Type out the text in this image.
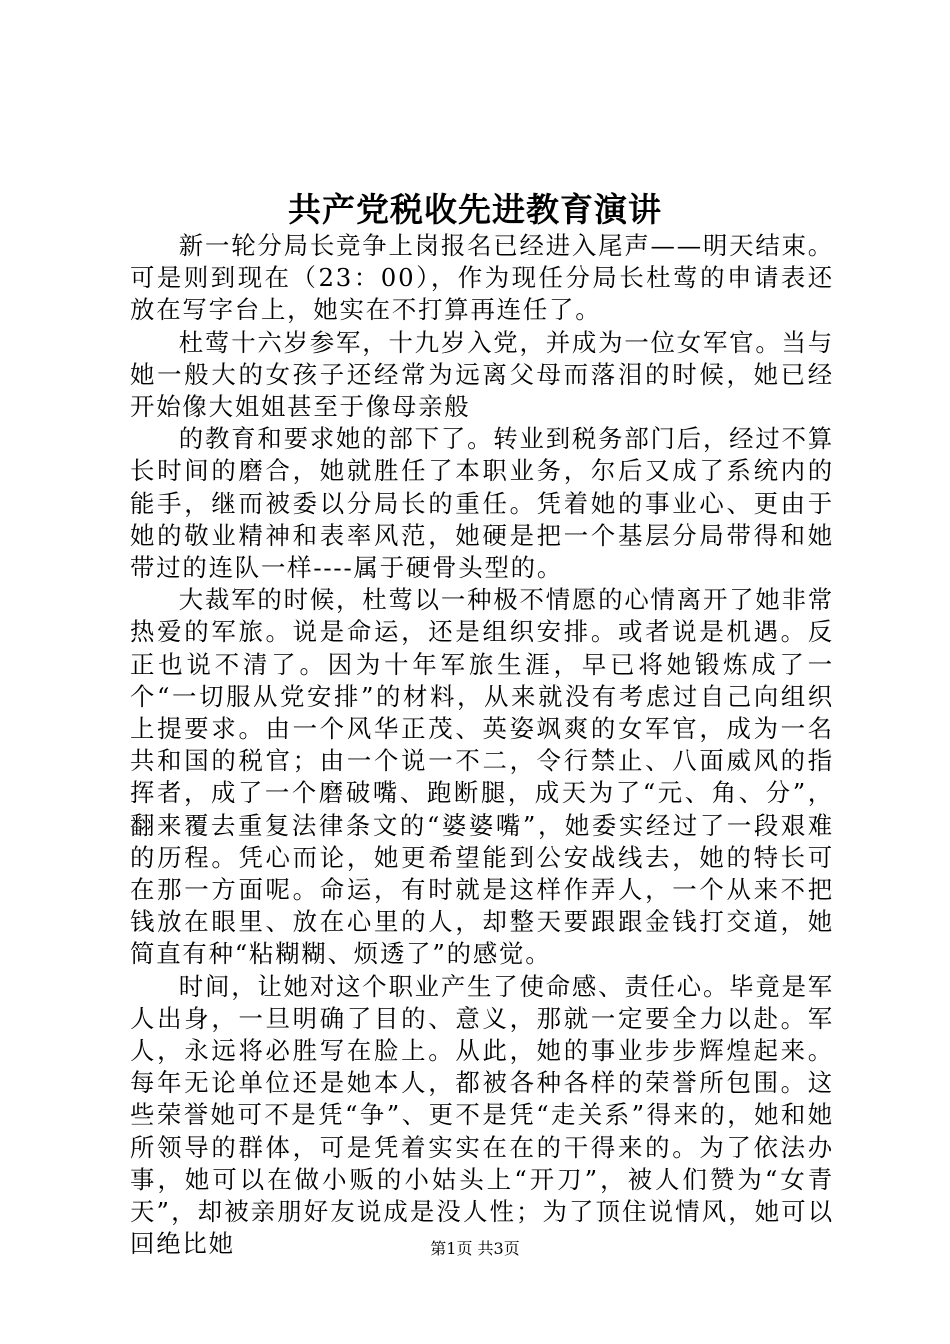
共产党税收先进教育演讲

新一轮分局长竞争上岗报名已经进入尾声——明天结束。可是则到现在（23：00），作为现任分局长杜莺的申请表还放在写字台上，她实在不打算再连任了。

杜莺十六岁参军，十九岁入党，并成为一位女军官。当与她一般大的女孩子还经常为远离父母而落泪的时候，她已经开始像大姐姐甚至于像母亲般

的教育和要求她的部下了。转业到税务部门后，经过不算长时间的磨合，她就胜任了本职业务，尔后又成了系统内的能手，继而被委以分局长的重任。凭着她的事业心、更由于她的敬业精神和表率风范，她硬是把一个基层分局带得和她带过的连队一样----属于硬骨头型的。

大裁军的时候，杜莺以一种极不情愿的心情离开了她非常热爱的军旅。说是命运，还是组织安排。或者说是机遇。反正也说不清了。因为十年军旅生涯，早已将她锻炼成了一个“一切服从党安排”的材料，从来就没有考虑过自己向组织上提要求。由一个风华正茂、英姿飒爽的女军官，成为一名共和国的税官；由一个说一不二，令行禁止、八面威风的指挥者，成了一个磨破嘴、跑断腿，成天为了“元、角、分”，翻来覆去重复法律条文的“婆婆嘴”，她委实经过了一段艰难的历程。凭心而论，她更希望能到公安战线去，她的特长可在那一方面呢。命运，有时就是这样作弄人，一个从来不把钱放在眼里、放在心里的人，却整天要跟跟金钱打交道，她简直有种“粘糊糊、烦透了”的感觉。

时间，让她对这个职业产生了使命感、责任心。毕竟是军人出身，一旦明确了目的、意义，那就一定要全力以赴。军人，永远将必胜写在脸上。从此，她的事业步步辉煌起来。每年无论单位还是她本人，都被各种各样的荣誉所包围。这些荣誉她可不是凭“争”、更不是凭“走关系”得来的，她和她所领导的群体，可是凭着实实在在的干得来的。为了依法办事，她可以在做小贩的小姑头上“开刀”，被人们赞为“女青天”，却被亲朋好友说成是没人性；为了顶住说情风，她可以回绝比她	第1页 共3页
